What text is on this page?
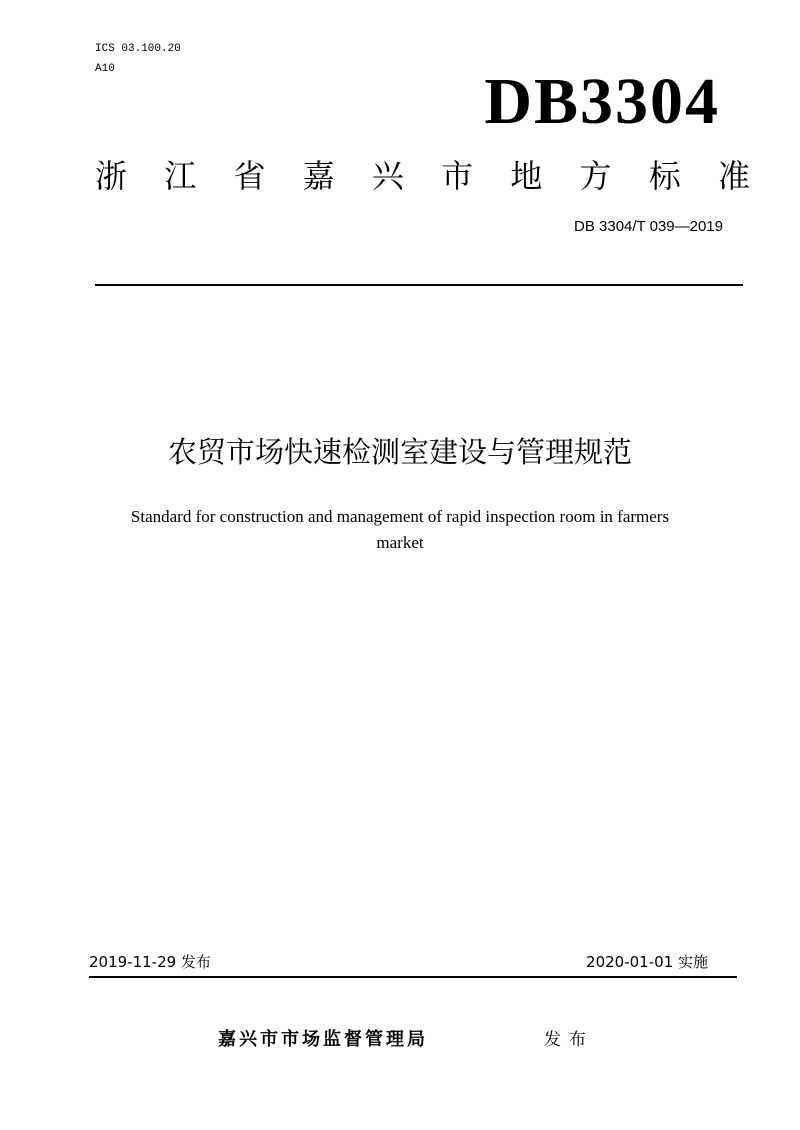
ICS 03.100.20
A10	DB3304
浙 江 省 嘉 兴 市 地 方 标 准
DB 3304/T 039—2019
农贸市场快速检测室建设与管理规范
Standard for construction and management of rapid inspection room in farmers
market
2019-11-29 发布	2020-01-01 实施
嘉兴市市场监督管理局	发布
